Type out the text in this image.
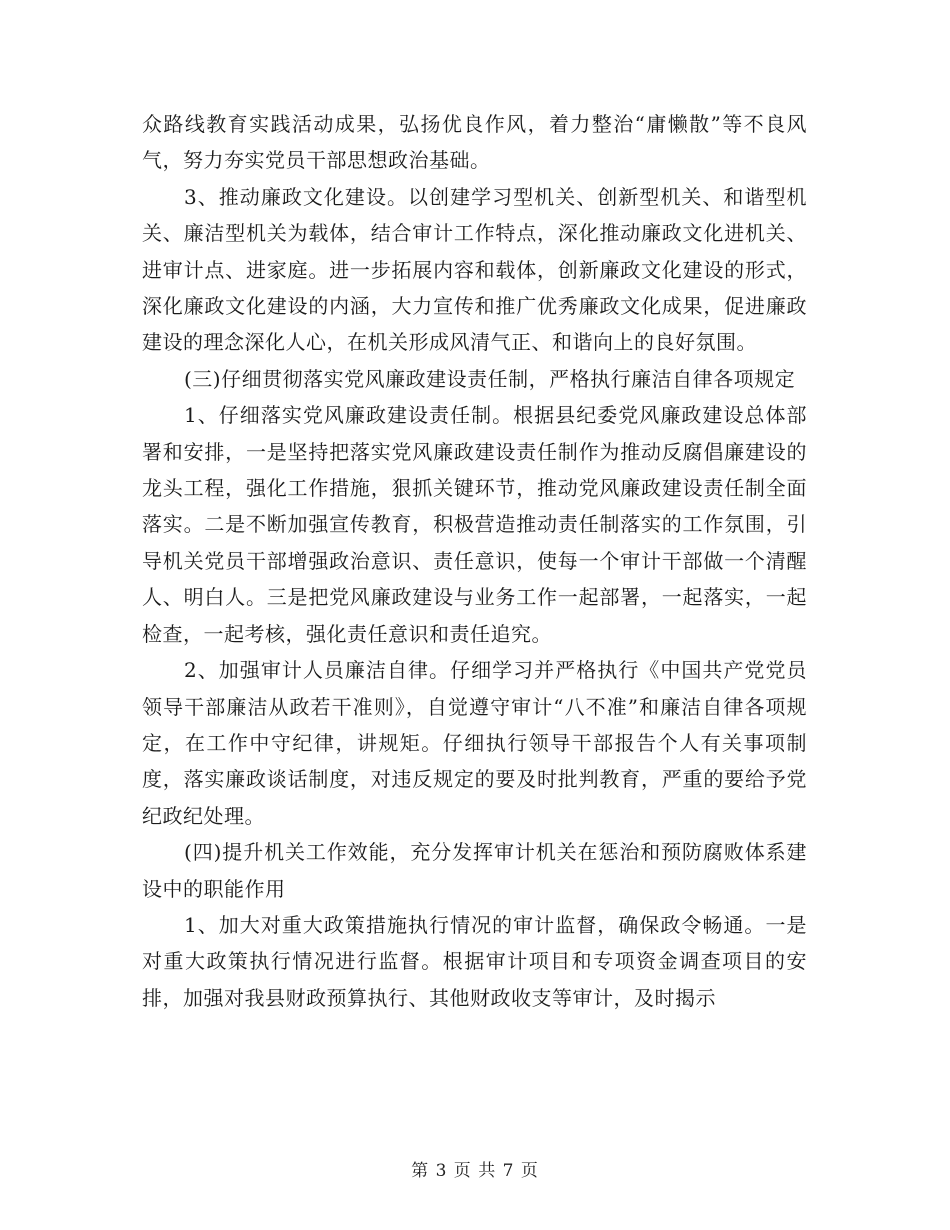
众路线教育实践活动成果，弘扬优良作风，着力整治“庸懒散”等不良风气，努力夯实党员干部思想政治基础。

3、推动廉政文化建设。以创建学习型机关、创新型机关、和谐型机关、廉洁型机关为载体，结合审计工作特点，深化推动廉政文化进机关、进审计点、进家庭。进一步拓展内容和载体，创新廉政文化建设的形式，深化廉政文化建设的内涵，大力宣传和推广优秀廉政文化成果，促进廉政建设的理念深化人心，在机关形成风清气正、和谐向上的良好氛围。

(三)仔细贯彻落实党风廉政建设责任制，严格执行廉洁自律各项规定

1、仔细落实党风廉政建设责任制。根据县纪委党风廉政建设总体部署和安排，一是坚持把落实党风廉政建设责任制作为推动反腐倡廉建设的龙头工程，强化工作措施，狠抓关键环节，推动党风廉政建设责任制全面落实。二是不断加强宣传教育，积极营造推动责任制落实的工作氛围，引导机关党员干部增强政治意识、责任意识，使每一个审计干部做一个清醒人、明白人。三是把党风廉政建设与业务工作一起部署，一起落实，一起检查，一起考核，强化责任意识和责任追究。

2、加强审计人员廉洁自律。仔细学习并严格执行《中国共产党党员领导干部廉洁从政若干准则》，自觉遵守审计“八不准”和廉洁自律各项规定，在工作中守纪律，讲规矩。仔细执行领导干部报告个人有关事项制度，落实廉政谈话制度，对违反规定的要及时批判教育，严重的要给予党纪政纪处理。

(四)提升机关工作效能，充分发挥审计机关在惩治和预防腐败体系建设中的职能作用

1、加大对重大政策措施执行情况的审计监督，确保政令畅通。一是对重大政策执行情况进行监督。根据审计项目和专项资金调查项目的安排，加强对我县财政预算执行、其他财政收支等审计，及时揭示

第 3 页 共 7 页
